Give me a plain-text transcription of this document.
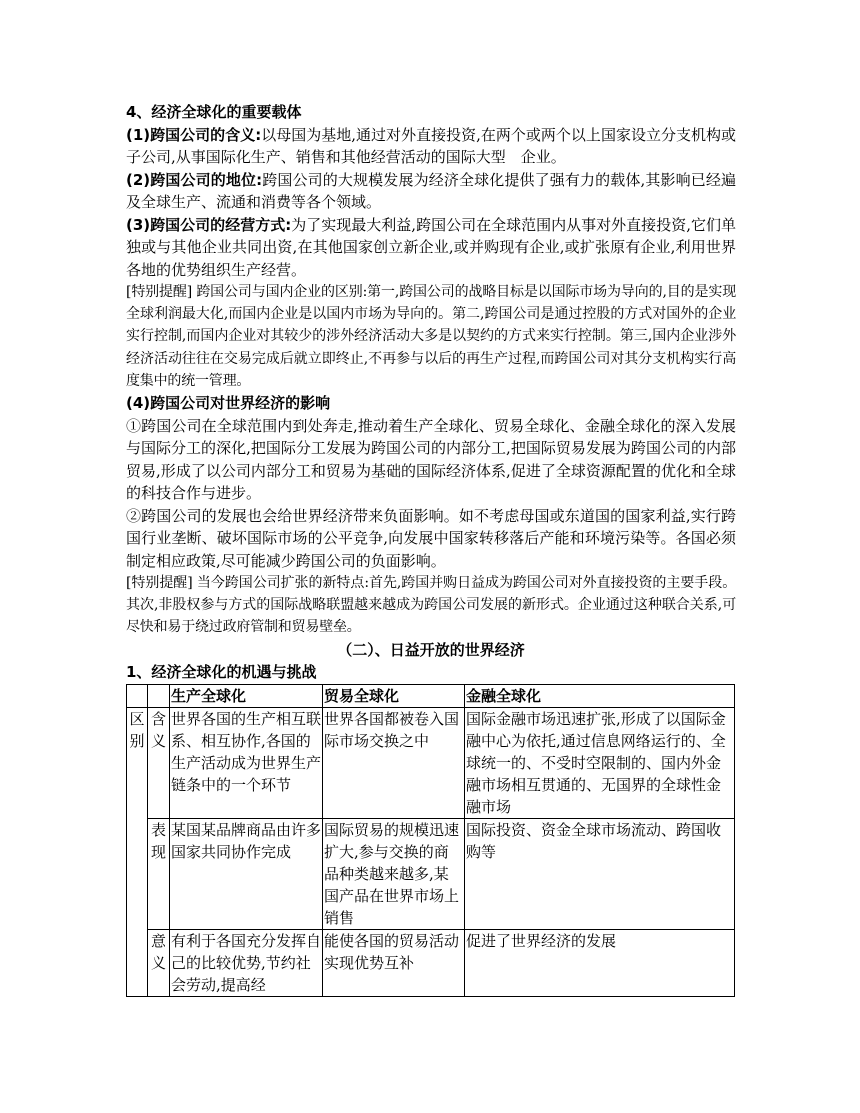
4、经济全球化的重要载体

(1)跨国公司的含义:以母国为基地,通过对外直接投资,在两个或两个以上国家设立分支机构或子公司,从事国际化生产、销售和其他经营活动的国际大型　企业。

(2)跨国公司的地位:跨国公司的大规模发展为经济全球化提供了强有力的载体,其影响已经遍及全球生产、流通和消费等各个领域。

(3)跨国公司的经营方式:为了实现最大利益,跨国公司在全球范围内从事对外直接投资,它们单独或与其他企业共同出资,在其他国家创立新企业,或并购现有企业,或扩张原有企业,利用世界各地的优势组织生产经营。

[特别提醒] 跨国公司与国内企业的区别:第一,跨国公司的战略目标是以国际市场为导向的,目的是实现全球利润最大化,而国内企业是以国内市场为导向的。第二,跨国公司是通过控股的方式对国外的企业实行控制,而国内企业对其较少的涉外经济活动大多是以契约的方式来实行控制。第三,国内企业涉外经济活动往往在交易完成后就立即终止,不再参与以后的再生产过程,而跨国公司对其分支机构实行高度集中的统一管理。

(4)跨国公司对世界经济的影响

①跨国公司在全球范围内到处奔走,推动着生产全球化、贸易全球化、金融全球化的深入发展与国际分工的深化,把国际分工发展为跨国公司的内部分工,把国际贸易发展为跨国公司的内部贸易,形成了以公司内部分工和贸易为基础的国际经济体系,促进了全球资源配置的优化和全球的科技合作与进步。

②跨国公司的发展也会给世界经济带来负面影响。如不考虑母国或东道国的国家利益,实行跨国行业垄断、破坏国际市场的公平竞争,向发展中国家转移落后产能和环境污染等。各国必须制定相应政策,尽可能减少跨国公司的负面影响。

[特别提醒] 当今跨国公司扩张的新特点:首先,跨国并购日益成为跨国公司对外直接投资的主要手段。其次,非股权参与方式的国际战略联盟越来越成为跨国公司发展的新形式。企业通过这种联合关系,可尽快和易于绕过政府管制和贸易壁垒。

（二）、日益开放的世界经济

1、经济全球化的机遇与挑战

		生产全球化	贸易全球化	金融全球化
区别	含义	世界各国的生产相互联系、相互协作,各国的生产活动成为世界生产链条中的一个环节	世界各国都被卷入国际市场交换之中	国际金融市场迅速扩张,形成了以国际金融中心为依托,通过信息网络运行的、全球统一的、不受时空限制的、国内外金融市场相互贯通的、无国界的全球性金融市场
	表现	某国某品牌商品由许多国家共同协作完成	国际贸易的规模迅速扩大,参与交换的商品种类越来越多,某国产品在世界市场上销售	国际投资、资金全球市场流动、跨国收购等
	意义	有利于各国充分发挥自己的比较优势,节约社会劳动,提高经	能使各国的贸易活动实现优势互补	促进了世界经济的发展
